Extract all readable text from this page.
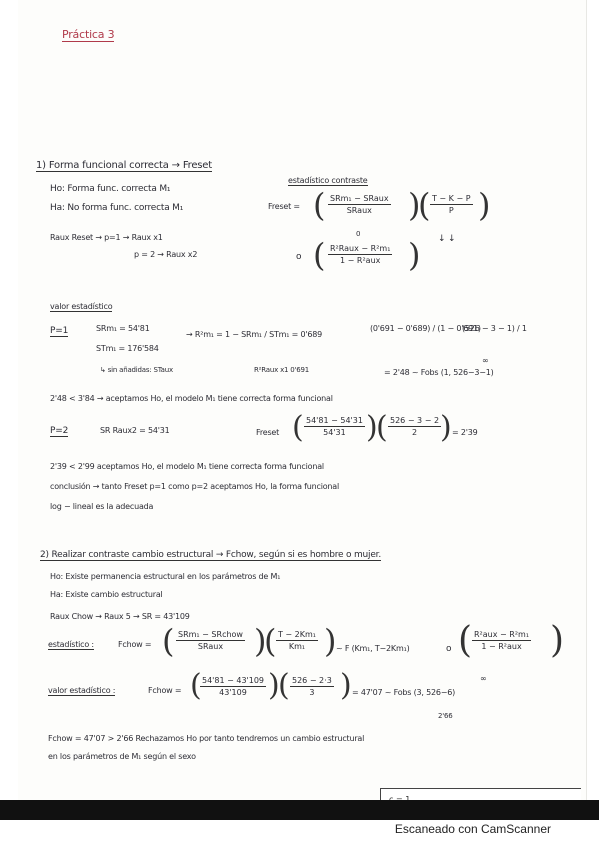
Práctica 3
1) Forma funcional correcta → Freset
Ho: Forma func. correcta M₁
Ha: No forma func. correcta M₁
Raux Reset → p=1 → Raux x1
p = 2 → Raux x2
estadístico contraste
Freset = ( SRm₁ − SRaux
SRaux )
( $\frac{T - K - P}{P}$ )
0
o ( R²Raux − R²m₁
1 − R²aux ) ↓ ↓
valor estadístico
P=1	SRm₁ = 54'81
STm₁ = 176'584
→ R²m₁ = 1 − SRm₁ / STm₁ = 0'689
(0'691 − 0'689) / (1 − 0'691)
(526 − 3 − 1) / 1
↳ sin añadidas: STaux	R²Raux x1 0'691	= 2'48 ~ Fobs (1, 526−3−1)
∞
2'48 < 3'84 → aceptamos Ho, el modelo M₁ tiene correcta forma funcional
P=2	SR Raux2 = 54'31	Freset ( $\frac{54'81 - 54'31}{54'31}$ )
( $\frac{526 - 3 - 2}{2}$
) = 2'39
2'39 < 2'99 aceptamos Ho, el modelo M₁ tiene correcta forma funcional
conclusión → tanto Freset p=1 como p=2 aceptamos Ho, la forma funcional
log − lineal es la adecuada
2) Realizar contraste cambio estructural → Fchow, según si es hombre o mujer.
Ho: Existe permanencia estructural en los parámetros de M₁
Ha: Existe cambio estructural
Raux Chow → Raux 5 → SR = 43'109
estadístico :	Fchow = ( SRm₁ − SRchow
SRaux )
( $\frac{\text{T − 2Km₁}}{\text{Km₁}}$ ) ~ F (Km₁, T−2Km₁)	o ( R²aux − R²m₁
1 − R²aux )
valor estadístico :	Fchow = (
$\frac{54'81 - 43'109}{43'109}$ )
( $\frac{526 - 2\cdot 3}{3}$ ) = 47'07 ~ Fobs (3, 526−6)
∞
2'66
Fchow = 47'07 > 2'66 Rechazamos Ho por tanto tendremos un cambio estructural
en los parámetros de M₁ según el sexo
Escaneado con CamScanner
